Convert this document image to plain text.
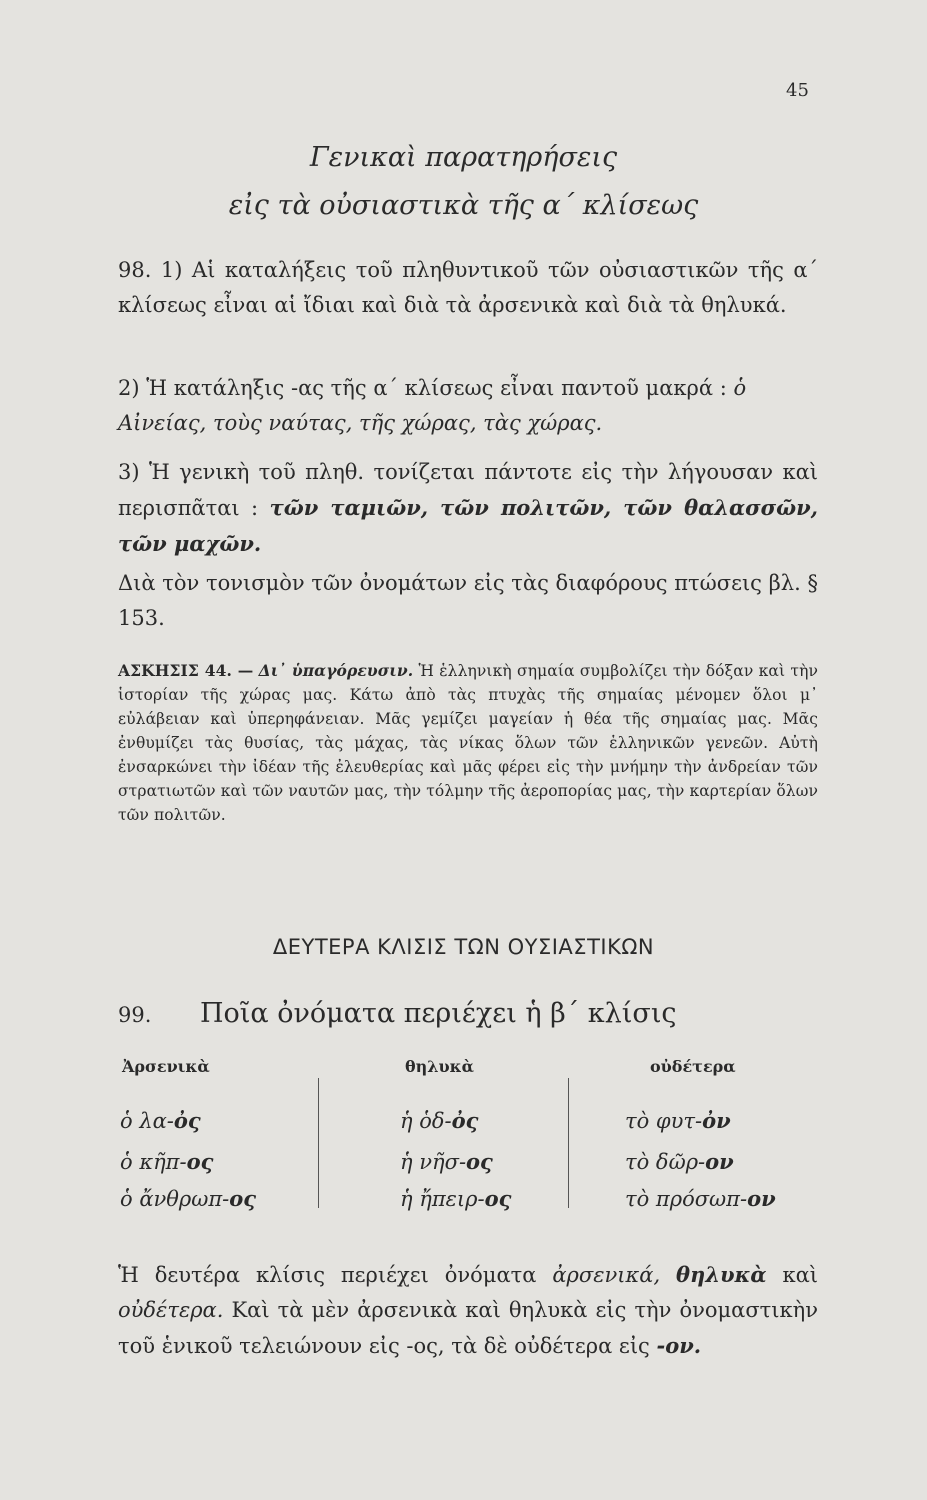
45
Γενικαὶ παρατηρήσεις
εἰς τὰ οὐσιαστικὰ τῆς α΄ κλίσεως
98. 1) Αἱ καταλήξεις τοῦ πληθυντικοῦ τῶν οὐσιαστικῶν τῆς α΄ κλίσεως εἶναι αἱ ἴδιαι καὶ διὰ τὰ ἀρσενικὰ καὶ διὰ τὰ θηλυκά.
2) Ἡ κατάληξις -ας τῆς α΄ κλίσεως εἶναι παντοῦ μακρά : ὁ Αἰνείας, τοὺς ναύτας, τῆς χώρας, τὰς χώρας.
3) Ἡ γενικὴ τοῦ πληθ. τονίζεται πάντοτε εἰς τὴν λήγουσαν καὶ περισπᾶται : τῶν ταμιῶν, τῶν πολιτῶν, τῶν θαλασσῶν, τῶν μαχῶν.
Διὰ τὸν τονισμὸν τῶν ὀνομάτων εἰς τὰς διαφόρους πτώσεις βλ. § 153.
ΑΣΚΗΣΙΣ 44. — Δι᾿ ὑπαγόρευσιν. Ἡ ἑλληνικὴ σημαία συμβολίζει τὴν δόξαν καὶ τὴν ἱστορίαν τῆς χώρας μας. Κάτω ἀπὸ τὰς πτυχὰς τῆς σημαίας μένομεν ὅλοι μ᾿ εὐλάβειαν καὶ ὑπερηφάνειαν. Μᾶς γεμίζει μαγείαν ἡ θέα τῆς σημαίας μας. Μᾶς ἐνθυμίζει τὰς θυσίας, τὰς μάχας, τὰς νίκας ὅλων τῶν ἑλληνικῶν γενεῶν. Αὐτὴ ἐνσαρκώνει τὴν ἰδέαν τῆς ἐλευθερίας καὶ μᾶς φέρει εἰς τὴν μνήμην τὴν ἀνδρείαν τῶν στρατιωτῶν καὶ τῶν ναυτῶν μας, τὴν τόλμην τῆς ἀεροπορίας μας, τὴν καρτερίαν ὅλων τῶν πολιτῶν.
ΔΕΥΤΕΡΑ ΚΛΙΣΙΣ ΤΩΝ ΟΥΣΙΑΣΤΙΚΩΝ
99. Ποῖα ὀνόματα περιέχει ἡ β΄ κλίσις
Ἀρσενικὰ	θηλυκὰ	οὐδέτερα
ὁ λα-ὀς	ἡ ὁδ-ὀς	τὸ φυτ-ὀν
ὁ κῆπ-ος	ἡ νῆσ-ος	τὸ δῶρ-ον
ὁ ἄνθρωπ-ος	ἡ ἤπειρ-ος	τὸ πρόσωπ-ον
Ἡ δευτέρα κλίσις περιέχει ὀνόματα ἀρσενικά, θηλυκὰ καὶ οὐδέτερα. Καὶ τὰ μὲν ἀρσενικὰ καὶ θηλυκὰ εἰς τὴν ὀνομαστικὴν τοῦ ἑνικοῦ τελειώνουν εἰς -ος, τὰ δὲ οὐδέτερα εἰς -ον.
